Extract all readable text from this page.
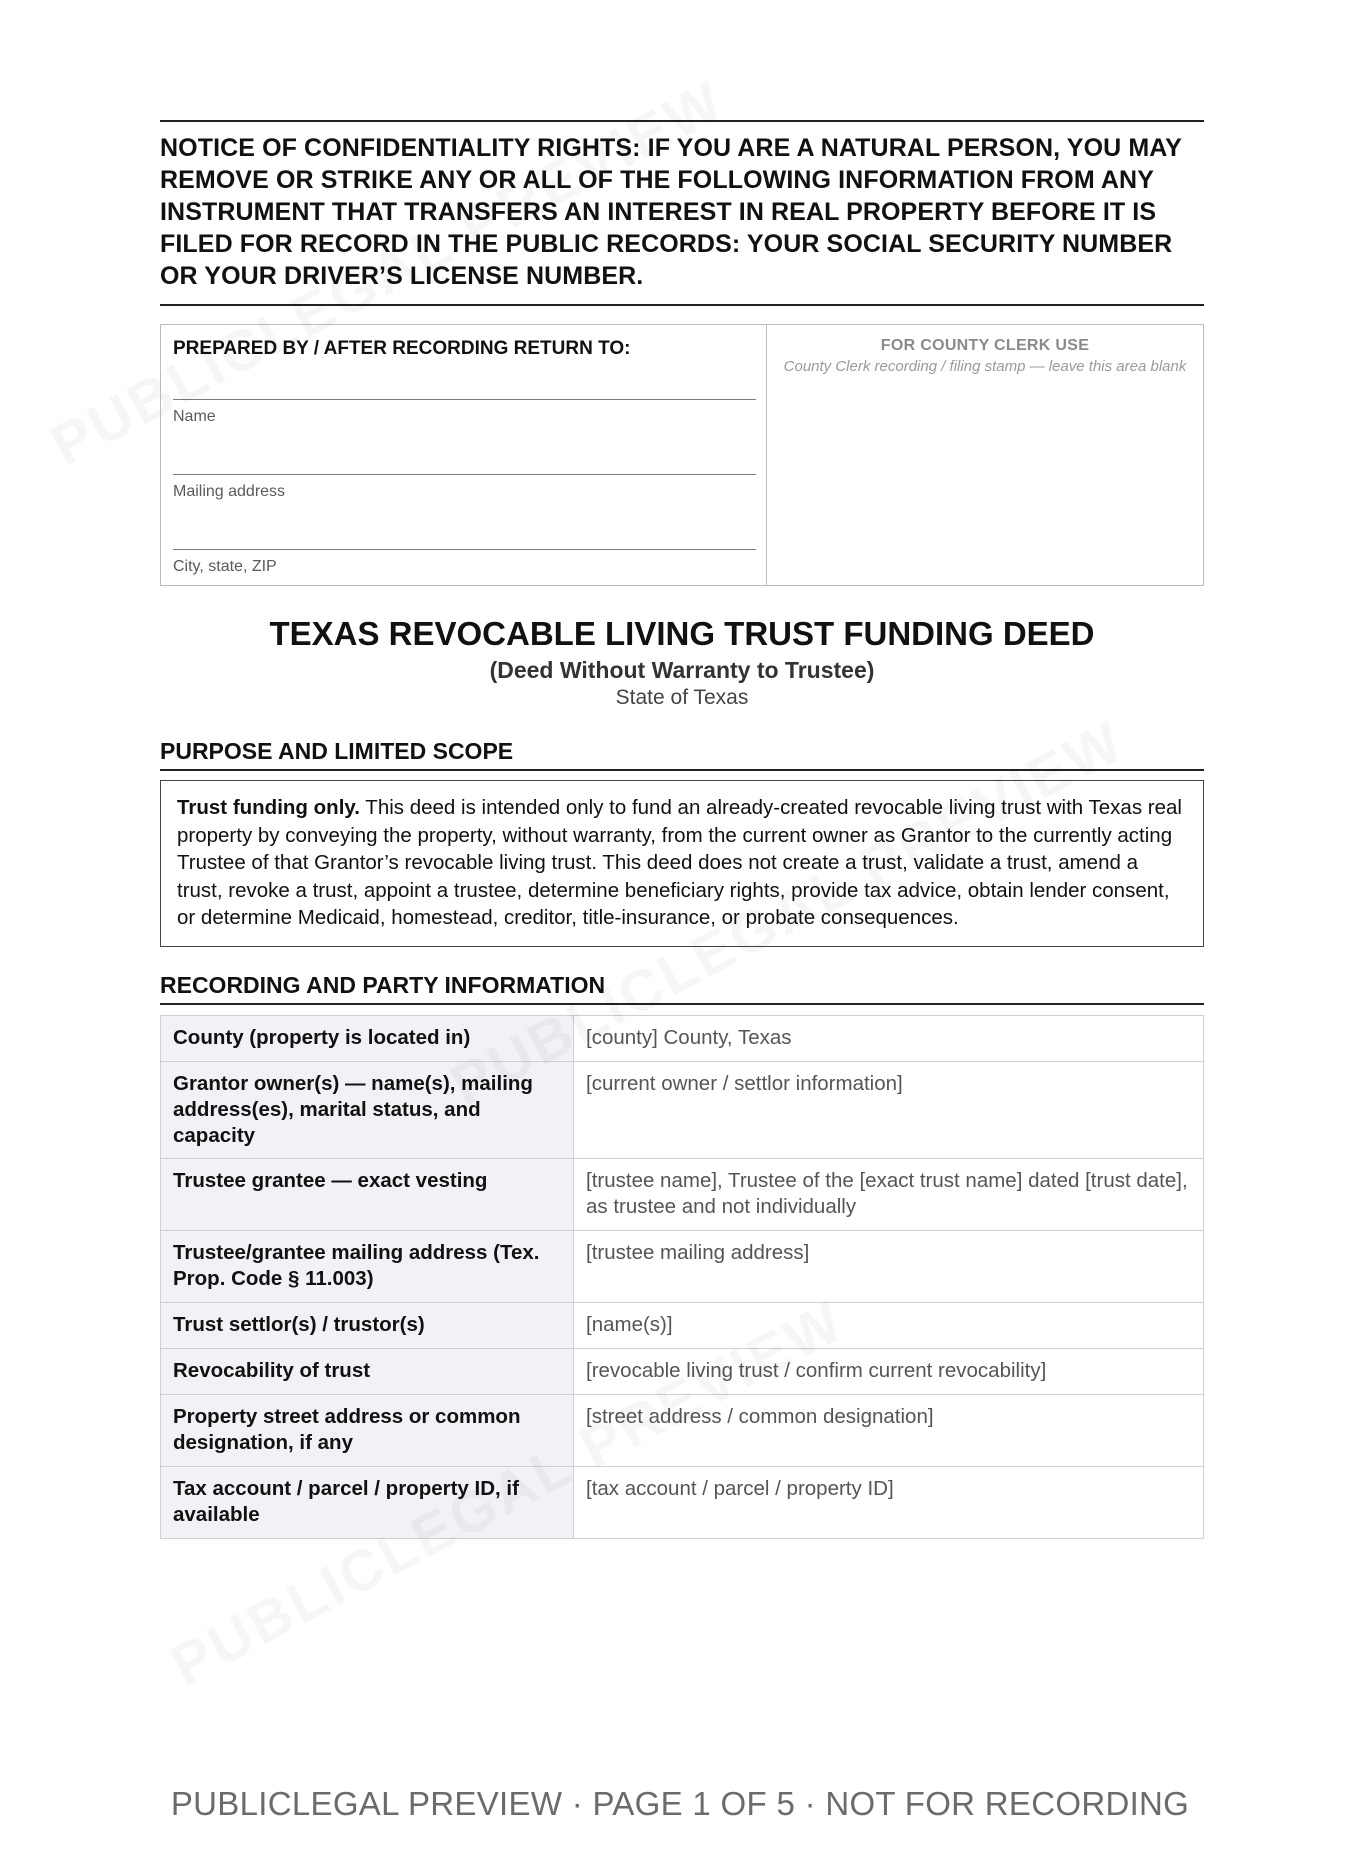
NOTICE OF CONFIDENTIALITY RIGHTS: IF YOU ARE A NATURAL PERSON, YOU MAY REMOVE OR STRIKE ANY OR ALL OF THE FOLLOWING INFORMATION FROM ANY INSTRUMENT THAT TRANSFERS AN INTEREST IN REAL PROPERTY BEFORE IT IS FILED FOR RECORD IN THE PUBLIC RECORDS: YOUR SOCIAL SECURITY NUMBER OR YOUR DRIVER’S LICENSE NUMBER.
PREPARED BY / AFTER RECORDING RETURN TO:
Name
Mailing address
City, state, ZIP
FOR COUNTY CLERK USE
County Clerk recording / filing stamp — leave this area blank
TEXAS REVOCABLE LIVING TRUST FUNDING DEED
(Deed Without Warranty to Trustee)
State of Texas
PURPOSE AND LIMITED SCOPE
Trust funding only. This deed is intended only to fund an already-created revocable living trust with Texas real property by conveying the property, without warranty, from the current owner as Grantor to the currently acting Trustee of that Grantor’s revocable living trust. This deed does not create a trust, validate a trust, amend a trust, revoke a trust, appoint a trustee, determine beneficiary rights, provide tax advice, obtain lender consent, or determine Medicaid, homestead, creditor, title-insurance, or probate consequences.
RECORDING AND PARTY INFORMATION
County (property is located in)	[county] County, Texas
Grantor owner(s) — name(s), mailing address(es), marital status, and capacity	[current owner / settlor information]
Trustee grantee — exact vesting	[trustee name], Trustee of the [exact trust name] dated [trust date], as trustee and not individually
Trustee/grantee mailing address (Tex. Prop. Code § 11.003)	[trustee mailing address]
Trust settlor(s) / trustor(s)	[name(s)]
Revocability of trust	[revocable living trust / confirm current revocability]
Property street address or common designation, if any	[street address / common designation]
Tax account / parcel / property ID, if available	[tax account / parcel / property ID]
PUBLICLEGAL PREVIEW · PAGE 1 OF 5 · NOT FOR RECORDING
